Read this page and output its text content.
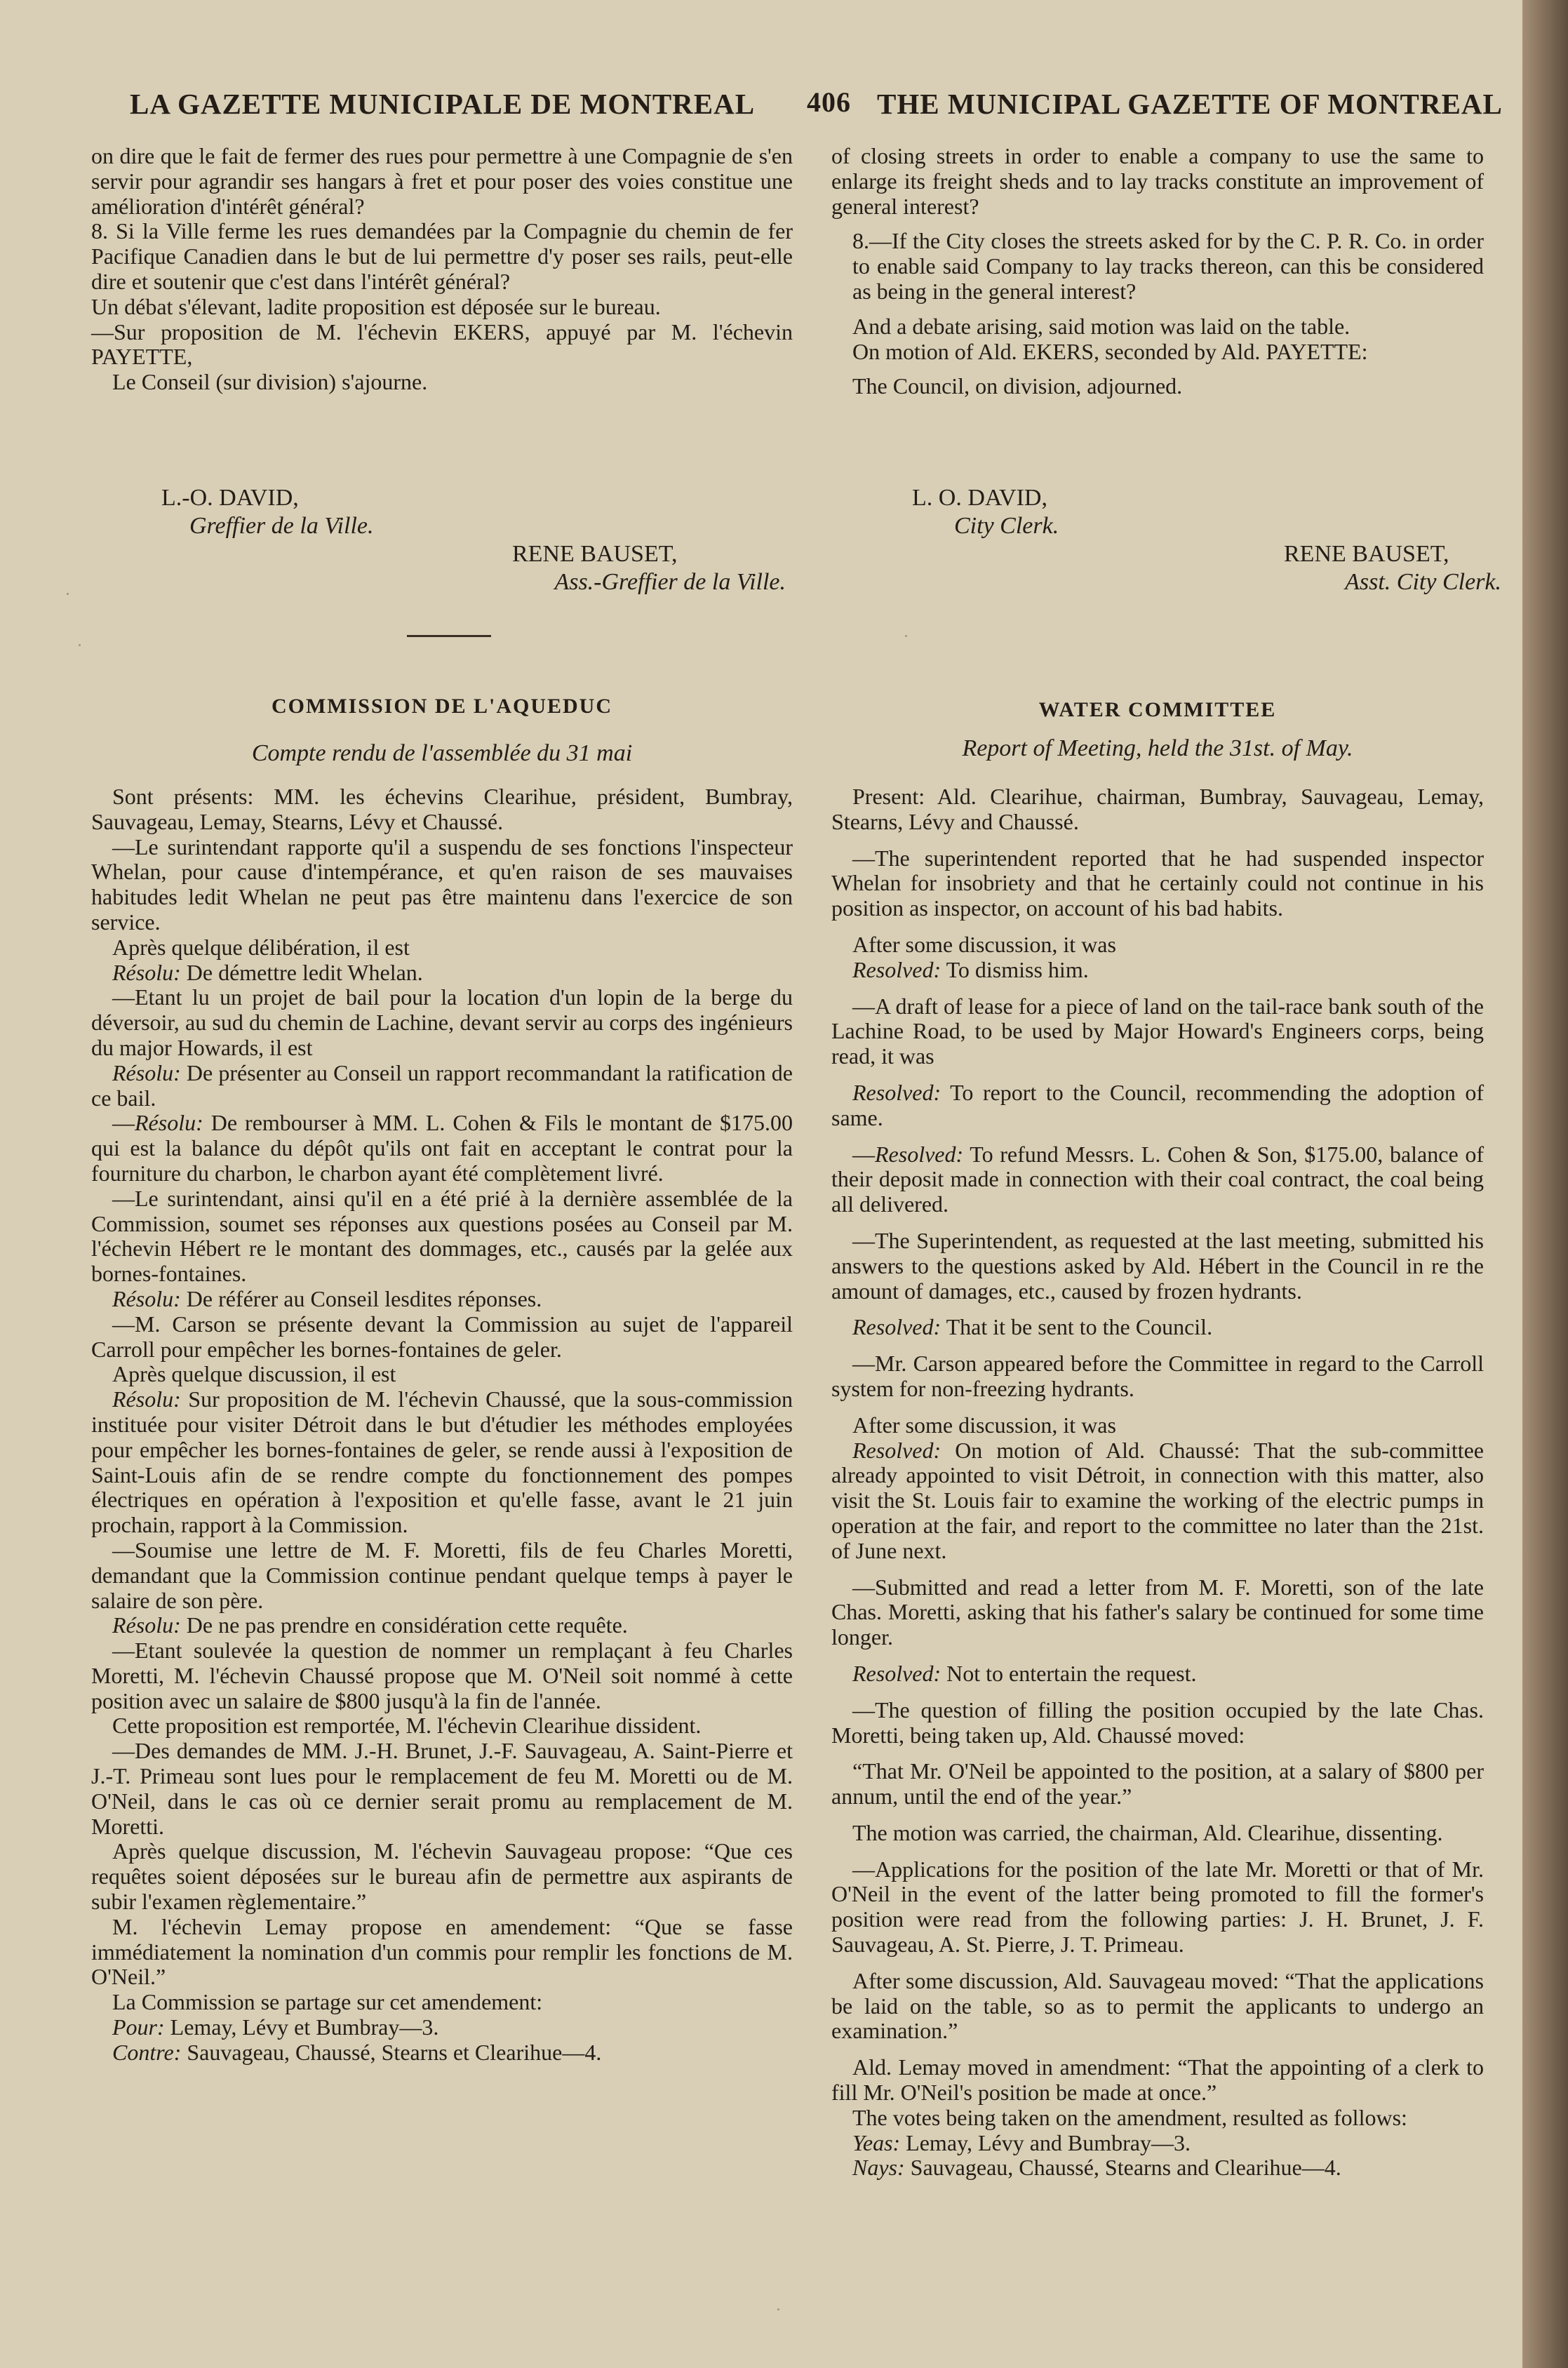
LA GAZETTE MUNICIPALE DE MONTREAL 406 THE MUNICIPAL GAZETTE OF MONTREAL

on dire que le fait de fermer des rues pour permettre à une Compagnie de s'en servir pour agrandir ses hangars à fret et pour poser des voies constitue une amélioration d'intérêt général?

8. Si la Ville ferme les rues demandées par la Compagnie du chemin de fer Pacifique Canadien dans le but de lui permettre d'y poser ses rails, peut-elle dire et soutenir que c'est dans l'intérêt général?

Un débat s'élevant, ladite proposition est déposée sur le bureau.

—Sur proposition de M. l'échevin EKERS, appuyé par M. l'échevin PAYETTE,

Le Conseil (sur division) s'ajourne.

L.-O. DAVID,

Greffier de la Ville.

RENE BAUSET,

Ass.-Greffier de la Ville.

COMMISSION DE L'AQUEDUC
Compte rendu de l'assemblée du 31 mai

Sont présents: MM. les échevins Clearihue, président, Bumbray, Sauvageau, Lemay, Stearns, Lévy et Chaussé.

—Le surintendant rapporte qu'il a suspendu de ses fonctions l'inspecteur Whelan, pour cause d'intempérance, et qu'en raison de ses mauvaises habitudes ledit Whelan ne peut pas être maintenu dans l'exercice de son service.

Après quelque délibération, il est

Résolu: De démettre ledit Whelan.

—Etant lu un projet de bail pour la location d'un lopin de la berge du déversoir, au sud du chemin de Lachine, devant servir au corps des ingénieurs du major Howards, il est

Résolu: De présenter au Conseil un rapport recommandant la ratification de ce bail.

—Résolu: De rembourser à MM. L. Cohen & Fils le montant de $175.00 qui est la balance du dépôt qu'ils ont fait en acceptant le contrat pour la fourniture du charbon, le charbon ayant été complètement livré.

—Le surintendant, ainsi qu'il en a été prié à la dernière assemblée de la Commission, soumet ses réponses aux questions posées au Conseil par M. l'échevin Hébert re le montant des dommages, etc., causés par la gelée aux bornes-fontaines.

Résolu: De référer au Conseil lesdites réponses.

—M. Carson se présente devant la Commission au sujet de l'appareil Carroll pour empêcher les bornes-fontaines de geler.

Après quelque discussion, il est

Résolu: Sur proposition de M. l'échevin Chaussé, que la sous-commission instituée pour visiter Détroit dans le but d'étudier les méthodes employées pour empêcher les bornes-fontaines de geler, se rende aussi à l'exposition de Saint-Louis afin de se rendre compte du fonctionnement des pompes électriques en opération à l'exposition et qu'elle fasse, avant le 21 juin prochain, rapport à la Commission.

—Soumise une lettre de M. F. Moretti, fils de feu Charles Moretti, demandant que la Commission continue pendant quelque temps à payer le salaire de son père.

Résolu: De ne pas prendre en considération cette requête.

—Etant soulevée la question de nommer un remplaçant à feu Charles Moretti, M. l'échevin Chaussé propose que M. O'Neil soit nommé à cette position avec un salaire de $800 jusqu'à la fin de l'année.

Cette proposition est remportée, M. l'échevin Clearihue dissident.

—Des demandes de MM. J.-H. Brunet, J.-F. Sauvageau, A. Saint-Pierre et J.-T. Primeau sont lues pour le remplacement de feu M. Moretti ou de M. O'Neil, dans le cas où ce dernier serait promu au remplacement de M. Moretti.

Après quelque discussion, M. l'échevin Sauvageau propose: “Que ces requêtes soient déposées sur le bureau afin de permettre aux aspirants de subir l'examen règlementaire.”

M. l'échevin Lemay propose en amendement: “Que se fasse immédiatement la nomination d'un commis pour remplir les fonctions de M. O'Neil.”

La Commission se partage sur cet amendement:

Pour: Lemay, Lévy et Bumbray—3.

Contre: Sauvageau, Chaussé, Stearns et Clearihue—4.

of closing streets in order to enable a company to use the same to enlarge its freight sheds and to lay tracks constitute an improvement of general interest?

8.—If the City closes the streets asked for by the C. P. R. Co. in order to enable said Company to lay tracks thereon, can this be considered as being in the general interest?

And a debate arising, said motion was laid on the table.

On motion of Ald. EKERS, seconded by Ald. PAYETTE:

The Council, on division, adjourned.

L. O. DAVID,

City Clerk.

RENE BAUSET,

Asst. City Clerk.

WATER COMMITTEE
Report of Meeting, held the 31st. of May.

Present: Ald. Clearihue, chairman, Bumbray, Sauvageau, Lemay, Stearns, Lévy and Chaussé.

—The superintendent reported that he had suspended inspector Whelan for insobriety and that he certainly could not continue in his position as inspector, on account of his bad habits.

After some discussion, it was

Resolved: To dismiss him.

—A draft of lease for a piece of land on the tail-race bank south of the Lachine Road, to be used by Major Howard's Engineers corps, being read, it was

Resolved: To report to the Council, recommending the adoption of same.

—Resolved: To refund Messrs. L. Cohen & Son, $175.00, balance of their deposit made in connection with their coal contract, the coal being all delivered.

—The Superintendent, as requested at the last meeting, submitted his answers to the questions asked by Ald. Hébert in the Council in re the amount of damages, etc., caused by frozen hydrants.

Resolved: That it be sent to the Council.

—Mr. Carson appeared before the Committee in regard to the Carroll system for non-freezing hydrants.

After some discussion, it was

Resolved: On motion of Ald. Chaussé: That the sub-committee already appointed to visit Détroit, in connection with this matter, also visit the St. Louis fair to examine the working of the electric pumps in operation at the fair, and report to the committee no later than the 21st. of June next.

—Submitted and read a letter from M. F. Moretti, son of the late Chas. Moretti, asking that his father's salary be continued for some time longer.

Resolved: Not to entertain the request.

—The question of filling the position occupied by the late Chas. Moretti, being taken up, Ald. Chaussé moved:

“That Mr. O'Neil be appointed to the position, at a salary of $800 per annum, until the end of the year.”

The motion was carried, the chairman, Ald. Clearihue, dissenting.

—Applications for the position of the late Mr. Moretti or that of Mr. O'Neil in the event of the latter being promoted to fill the former's position were read from the following parties: J. H. Brunet, J. F. Sauvageau, A. St. Pierre, J. T. Primeau.

After some discussion, Ald. Sauvageau moved: “That the applications be laid on the table, so as to permit the applicants to undergo an examination.”

Ald. Lemay moved in amendment: “That the appointing of a clerk to fill Mr. O'Neil's position be made at once.”

The votes being taken on the amendment, resulted as follows:

Yeas: Lemay, Lévy and Bumbray—3.

Nays: Sauvageau, Chaussé, Stearns and Clearihue—4.
